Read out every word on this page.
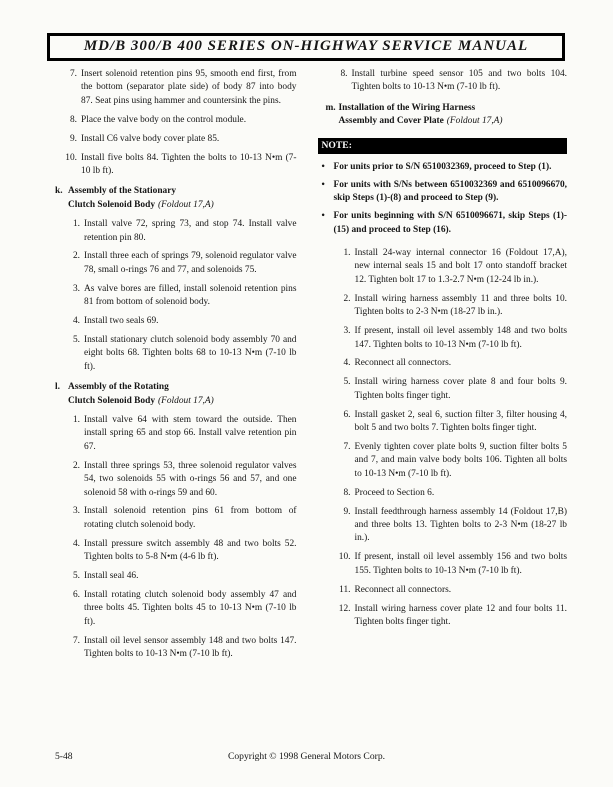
MD/B 300/B 400 SERIES ON-HIGHWAY SERVICE MANUAL
7. Insert solenoid retention pins 95, smooth end first, from the bottom (separator plate side) of body 87 into body 87. Seat pins using hammer and countersink the pins.
8. Place the valve body on the control module.
9. Install C6 valve body cover plate 85.
10. Install five bolts 84. Tighten the bolts to 10-13 N•m (7-10 lb ft).
k. Assembly of the Stationary
Clutch Solenoid Body (Foldout 17,A)
1. Install valve 72, spring 73, and stop 74. Install valve retention pin 80.
2. Install three each of springs 79, solenoid regulator valve 78, small o-rings 76 and 77, and solenoids 75.
3. As valve bores are filled, install solenoid retention pins 81 from bottom of solenoid body.
4. Install two seals 69.
5. Install stationary clutch solenoid body assembly 70 and eight bolts 68. Tighten bolts 68 to 10-13 N•m (7-10 lb ft).
l. Assembly of the Rotating
Clutch Solenoid Body (Foldout 17,A)
1. Install valve 64 with stem toward the outside. Then install spring 65 and stop 66. Install valve retention pin 67.
2. Install three springs 53, three solenoid regulator valves 54, two solenoids 55 with o-rings 56 and 57, and one solenoid 58 with o-rings 59 and 60.
3. Install solenoid retention pins 61 from bottom of rotating clutch solenoid body.
4. Install pressure switch assembly 48 and two bolts 52. Tighten bolts to 5-8 N•m (4-6 lb ft).
5. Install seal 46.
6. Install rotating clutch solenoid body assembly 47 and three bolts 45. Tighten bolts 45 to 10-13 N•m (7-10 lb ft).
7. Install oil level sensor assembly 148 and two bolts 147. Tighten bolts to 10-13 N•m (7-10 lb ft).
8. Install turbine speed sensor 105 and two bolts 104. Tighten bolts to 10-13 N•m (7-10 lb ft).
m. Installation of the Wiring Harness
Assembly and Cover Plate (Foldout 17,A)
NOTE:
• For units prior to S/N 6510032369, proceed to Step (1).
• For units with S/Ns between 6510032369 and 6510096670, skip Steps (1)-(8) and proceed to Step (9).
• For units beginning with S/N 6510096671, skip Steps (1)-(15) and proceed to Step (16).
1. Install 24-way internal connector 16 (Foldout 17,A), new internal seals 15 and bolt 17 onto standoff bracket 12. Tighten bolt 17 to 1.3-2.7 N•m (12-24 lb in.).
2. Install wiring harness assembly 11 and three bolts 10. Tighten bolts to 2-3 N•m (18-27 lb in.).
3. If present, install oil level assembly 148 and two bolts 147. Tighten bolts to 10-13 N•m (7-10 lb ft).
4. Reconnect all connectors.
5. Install wiring harness cover plate 8 and four bolts 9. Tighten bolts finger tight.
6. Install gasket 2, seal 6, suction filter 3, filter housing 4, bolt 5 and two bolts 7. Tighten bolts finger tight.
7. Evenly tighten cover plate bolts 9, suction filter bolts 5 and 7, and main valve body bolts 106. Tighten all bolts to 10-13 N•m (7-10 lb ft).
8. Proceed to Section 6.
9. Install feedthrough harness assembly 14 (Foldout 17,B) and three bolts 13. Tighten bolts to 2-3 N•m (18-27 lb in.).
10. If present, install oil level assembly 156 and two bolts 155. Tighten bolts to 10-13 N•m (7-10 lb ft).
11. Reconnect all connectors.
12. Install wiring harness cover plate 12 and four bolts 11. Tighten bolts finger tight.
5-48	Copyright © 1998 General Motors Corp.
